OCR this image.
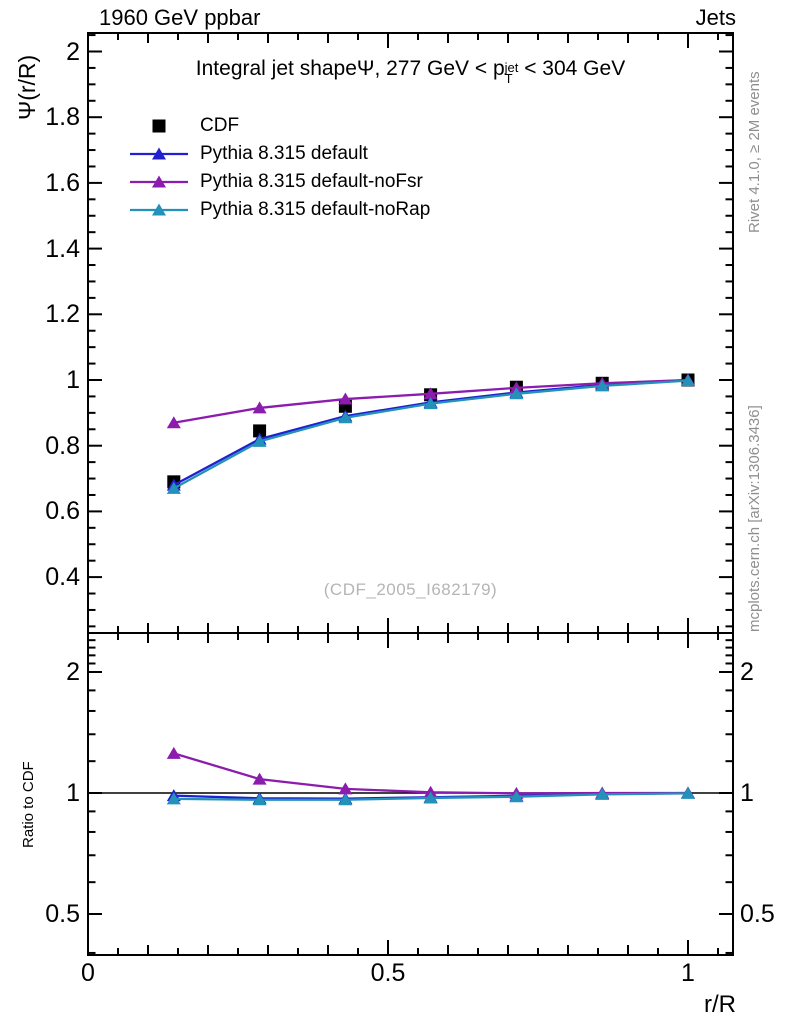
1960 GeV ppbar	Jets
Integral jet shapeΨ, 277 GeV < p jet
T < 304 GeV
Ψ(r/R)
Ratio to CDF
r/R
CDF
Pythia 8.315 default
Pythia 8.315 default-noFsr
Pythia 8.315 default-noRap
(CDF_2005_I682179)
Rivet 4.1.0, ≥ 2M events
mcplots.cern.ch [arXiv:1306.3436]
0.4
0.6
0.8
1
1.2
1.4
1.6
1.8
2
0.5	0.5
1	1
2	2
0	0.5	1
